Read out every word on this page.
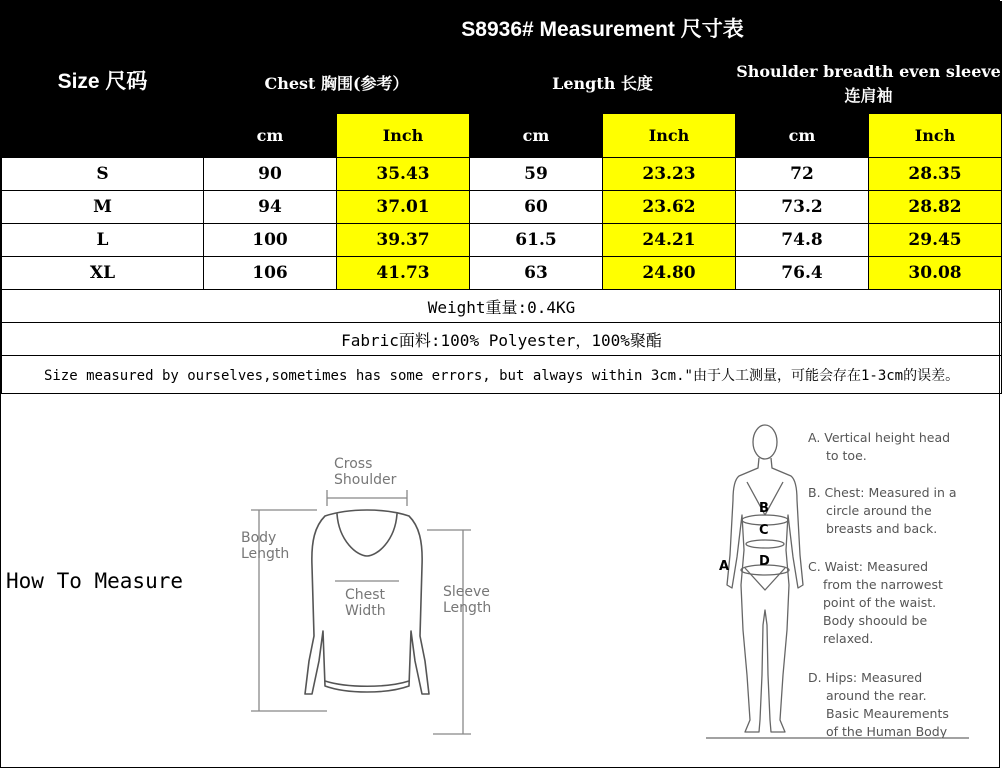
Size 尺码	S8936# Measurement 尺寸表					
	Chest 胸围(参考）		Length 长度		Shoulder breadth even sleeve连肩袖	
	cm	Inch	cm	Inch	cm	Inch
S	90	35.43	59	23.23	72	28.35
M	94	37.01	60	23.62	73.2	28.82
L	100	39.37	61.5	24.21	74.8	29.45
XL	106	41.73	63	24.80	76.4	30.08
Weight重量:0.4KG						
Fabric面料:100% Polyester，100%聚酯						
Size measured by ourselves,sometimes has some errors, but always within 3cm."由于人工测量，可能会存在1-3cm的误差。						
How To Measure
Cross
Shoulder
Body
Length
Chest
Width
Sleeve
Length
B
C
D
A
A. Vertical height head
to toe.
B. Chest: Measured in a
circle around the
breasts and back.
C. Waist: Measured
from the narrowest
point of the waist.
Body shoould be
relaxed.
D. Hips: Measured
around the rear.
Basic Meaurements
of the Human Body
